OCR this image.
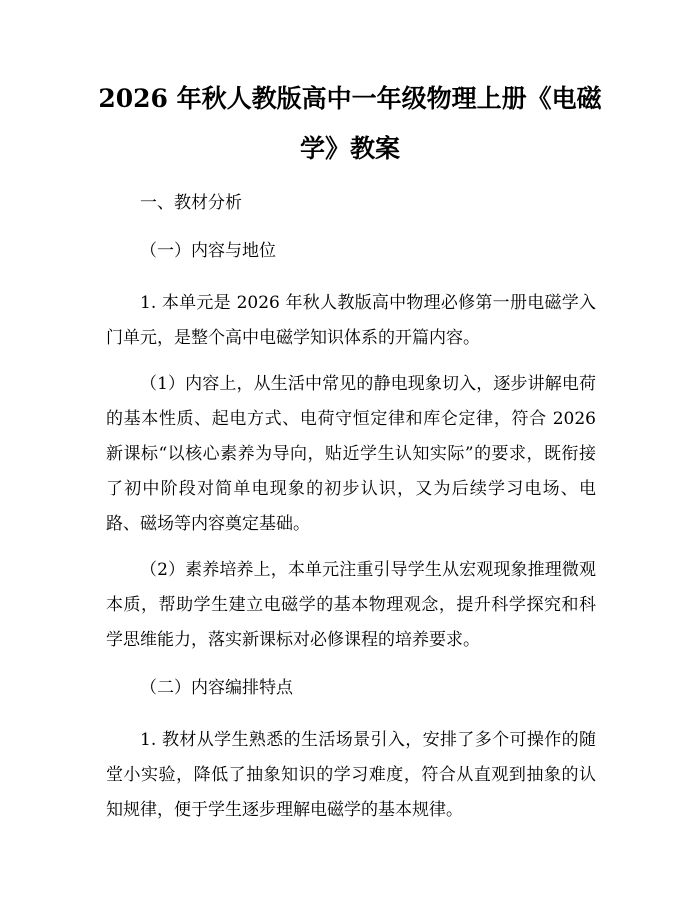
2026 年秋人教版高中一年级物理上册《电磁
学》教案

一、教材分析

（一）内容与地位

1. 本单元是 2026 年秋人教版高中物理必修第一册电磁学入门单元，是整个高中电磁学知识体系的开篇内容。

（1）内容上，从生活中常见的静电现象切入，逐步讲解电荷的基本性质、起电方式、电荷守恒定律和库仑定律，符合 2026 新课标“以核心素养为导向，贴近学生认知实际”的要求，既衔接了初中阶段对简单电现象的初步认识，又为后续学习电场、电路、磁场等内容奠定基础。

（2）素养培养上，本单元注重引导学生从宏观现象推理微观本质，帮助学生建立电磁学的基本物理观念，提升科学探究和科学思维能力，落实新课标对必修课程的培养要求。

（二）内容编排特点

1. 教材从学生熟悉的生活场景引入，安排了多个可操作的随堂小实验，降低了抽象知识的学习难度，符合从直观到抽象的认知规律，便于学生逐步理解电磁学的基本规律。
